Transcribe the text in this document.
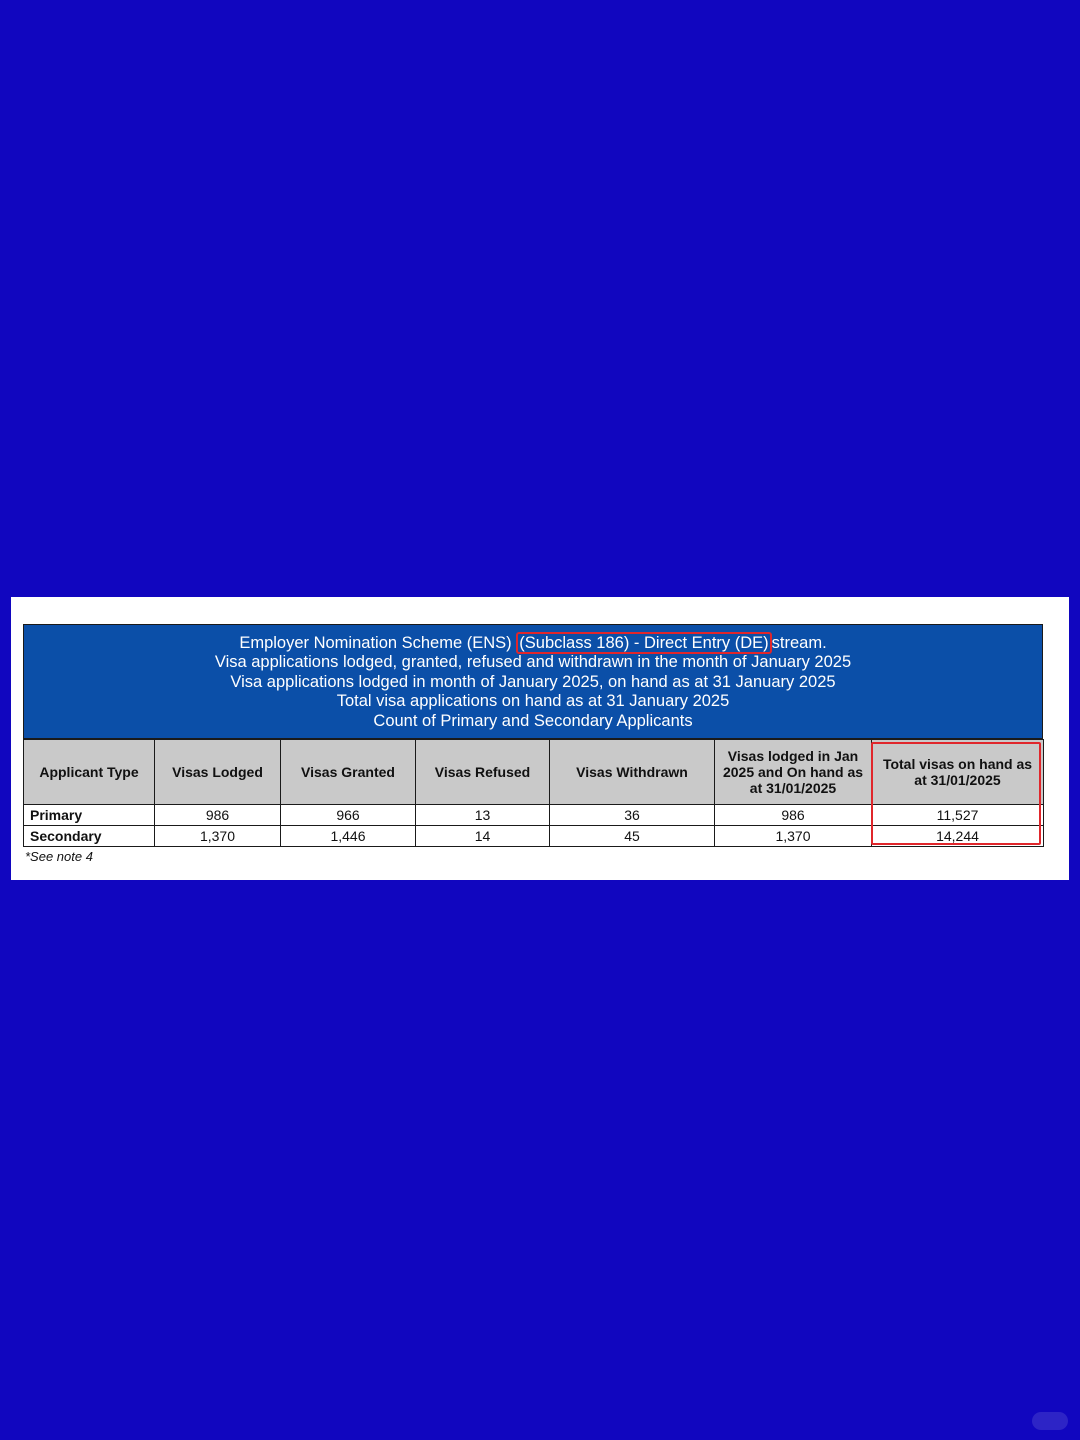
Employer Nomination Scheme (ENS) (Subclass 186) - Direct Entry (DE) stream.
Visa applications lodged, granted, refused and withdrawn in the month of January 2025
Visa applications lodged in month of January 2025, on hand as at 31 January 2025
Total visa applications on hand as at 31 January 2025
Count of Primary and Secondary Applicants
Applicant Type	Visas Lodged	Visas Granted	Visas Refused	Visas Withdrawn	Visas lodged in Jan 2025 and On hand as at 31/01/2025	Total visas on hand as at 31/01/2025
Primary	986	966	13	36	986	11,527
Secondary	1,370	1,446	14	45	1,370	14,244
*See note 4
